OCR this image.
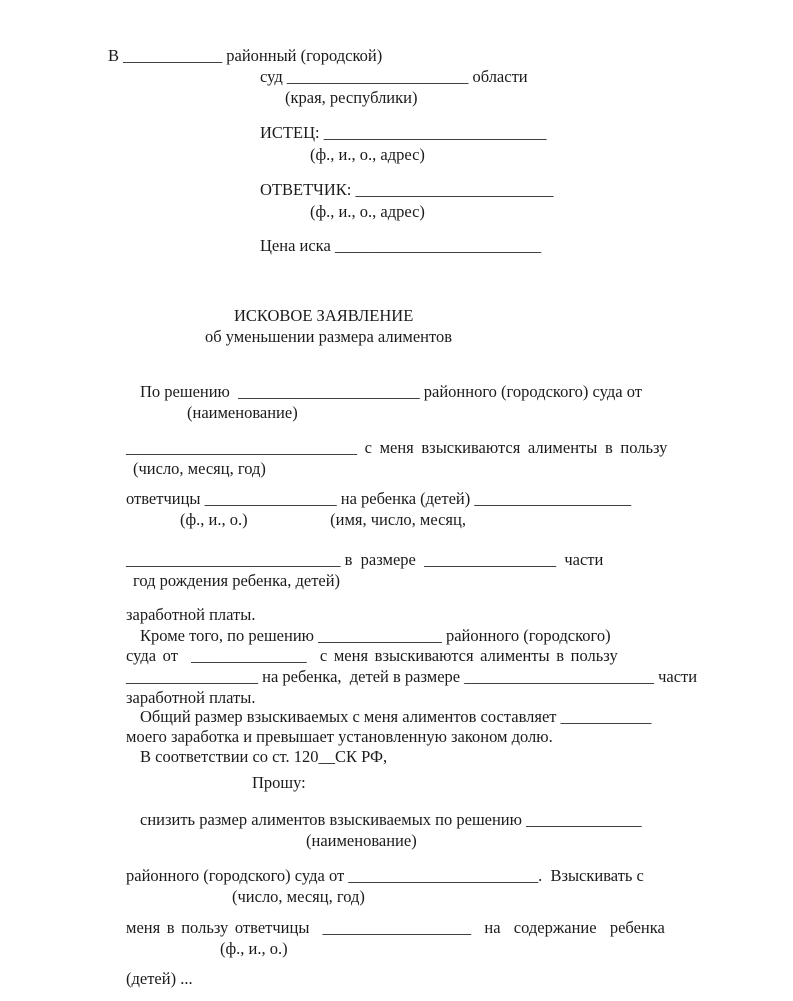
В ____________ районный (городской)
суд ______________________ области
(края, республики)
ИСТЕЦ: ___________________________
(ф., и., о., адрес)
ОТВЕТЧИК: ________________________
(ф., и., о., адрес)
Цена иска _________________________
ИСКОВОЕ ЗАЯВЛЕНИЕ
об уменьшении размера алиментов
По решению  ______________________ районного (городского) суда от
(наименование)
____________________________ с меня взыскиваются алименты в пользу
(число, месяц, год)
ответчицы ________________ на ребенка (детей) ___________________
(ф., и., о.)                    (имя, число, месяц,
__________________________ в  размере  ________________  части
год рождения ребенка, детей)
заработной платы.
Кроме того, по решению _______________ районного (городского)
суда от  ______________  с меня взыскиваются алименты в пользу
________________ на ребенка,  детей в размере _______________________ части
заработной платы.
Общий размер взыскиваемых с меня алиментов составляет ___________
моего заработка и превышает установленную законом долю.
В соответствии со ст. 120__СК РФ,
Прошу:
снизить размер алиментов взыскиваемых по решению ______________
(наименование)
районного (городского) суда от _______________________.  Взыскивать с
(число, месяц, год)
меня в пользу ответчицы  __________________  на  содержание  ребенка
(ф., и., о.)
(детей) ...
